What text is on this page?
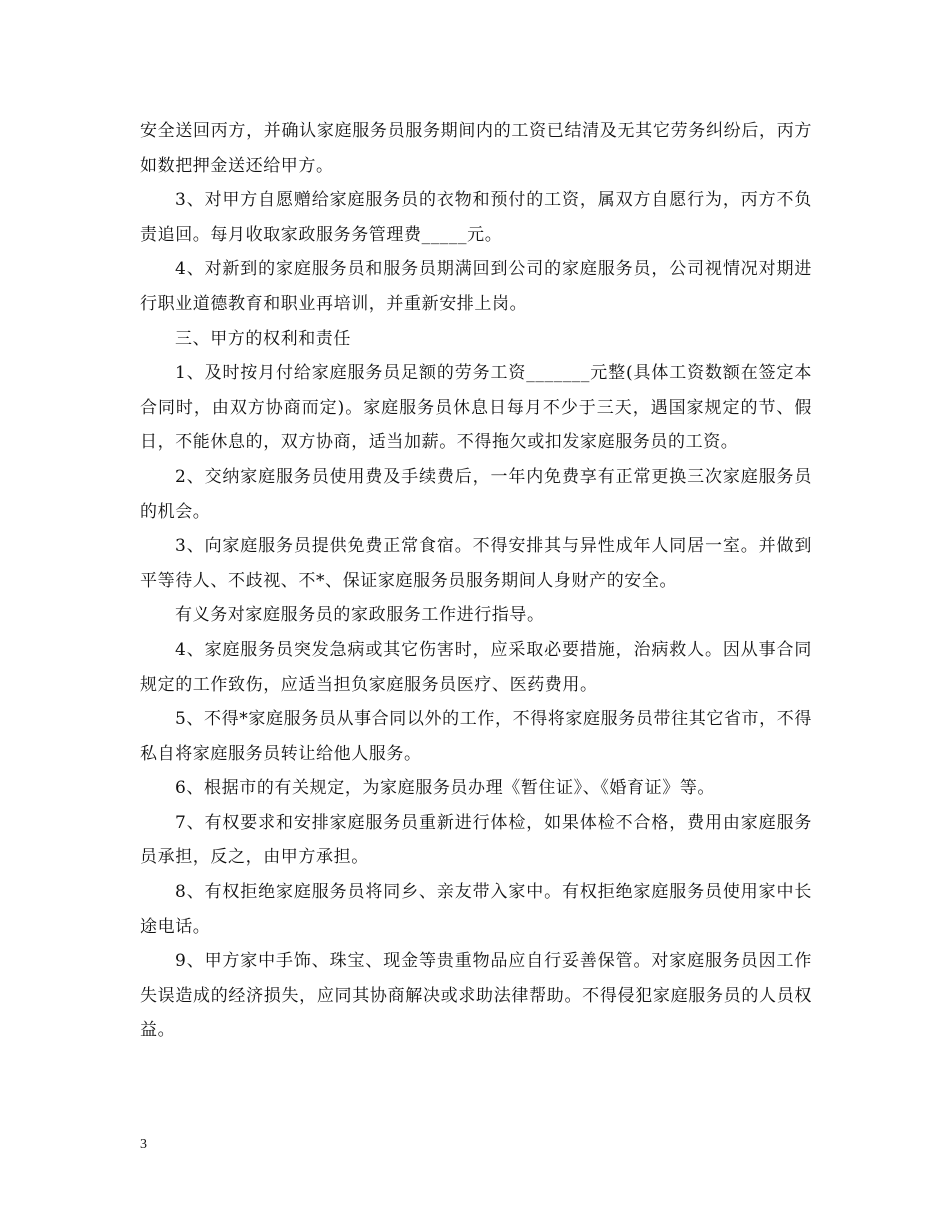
安全送回丙方，并确认家庭服务员服务期间内的工资已结清及无其它劳务纠纷后，丙方如数把押金送还给甲方。

3、对甲方自愿赠给家庭服务员的衣物和预付的工资，属双方自愿行为，丙方不负责追回。每月收取家政服务务管理费_____元。

4、对新到的家庭服务员和服务员期满回到公司的家庭服务员，公司视情况对期进行职业道德教育和职业再培训，并重新安排上岗。

三、甲方的权利和责任

1、及时按月付给家庭服务员足额的劳务工资_______元整(具体工资数额在签定本合同时，由双方协商而定)。家庭服务员休息日每月不少于三天，遇国家规定的节、假日，不能休息的，双方协商，适当加薪。不得拖欠或扣发家庭服务员的工资。

2、交纳家庭服务员使用费及手续费后，一年内免费享有正常更换三次家庭服务员的机会。

3、向家庭服务员提供免费正常食宿。不得安排其与异性成年人同居一室。并做到平等待人、不歧视、不*、保证家庭服务员服务期间人身财产的安全。

有义务对家庭服务员的家政服务工作进行指导。

4、家庭服务员突发急病或其它伤害时，应采取必要措施，治病救人。因从事合同规定的工作致伤，应适当担负家庭服务员医疗、医药费用。

5、不得*家庭服务员从事合同以外的工作，不得将家庭服务员带往其它省市，不得私自将家庭服务员转让给他人服务。

6、根据市的有关规定，为家庭服务员办理《暂住证》、《婚育证》等。

7、有权要求和安排家庭服务员重新进行体检，如果体检不合格，费用由家庭服务员承担，反之，由甲方承担。

8、有权拒绝家庭服务员将同乡、亲友带入家中。有权拒绝家庭服务员使用家中长途电话。

9、甲方家中手饰、珠宝、现金等贵重物品应自行妥善保管。对家庭服务员因工作失误造成的经济损失，应同其协商解决或求助法律帮助。不得侵犯家庭服务员的人员权益。

3
